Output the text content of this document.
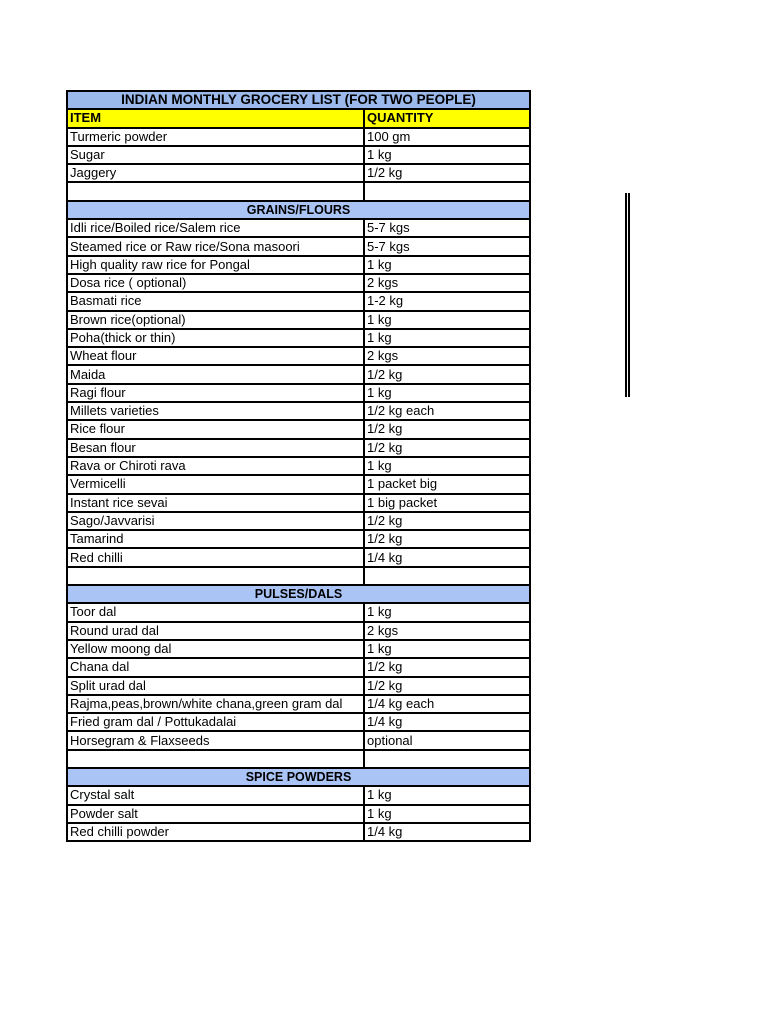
INDIAN MONTHLY GROCERY LIST (FOR TWO PEOPLE)	
ITEM	QUANTITY
Turmeric powder	100 gm
Sugar	1 kg
Jaggery	1/2 kg

GRAINS/FLOURS	
Idli rice/Boiled rice/Salem rice	5-7 kgs
Steamed rice or Raw rice/Sona masoori	5-7 kgs
High quality raw rice for Pongal	1 kg
Dosa rice ( optional)	2 kgs
Basmati rice	1-2 kg
Brown rice(optional)	1 kg
Poha(thick or thin)	1 kg
Wheat flour	2 kgs
Maida	1/2 kg
Ragi flour	1 kg
Millets varieties	1/2 kg each
Rice flour	1/2 kg
Besan flour	1/2 kg
Rava or Chiroti rava	1 kg
Vermicelli	1 packet big
Instant rice sevai	1 big packet
Sago/Javvarisi	1/2 kg
Tamarind	1/2 kg
Red chilli	1/4 kg

PULSES/DALS	
Toor dal	1 kg
Round urad dal	2 kgs
Yellow moong dal	1 kg
Chana dal	1/2 kg
Split urad dal	1/2 kg
Rajma,peas,brown/white chana,green gram dal	1/4 kg each
Fried gram dal / Pottukadalai	1/4 kg
Horsegram & Flaxseeds	optional

SPICE POWDERS	
Crystal salt	1 kg
Powder salt	1 kg
Red chilli powder	1/4 kg
